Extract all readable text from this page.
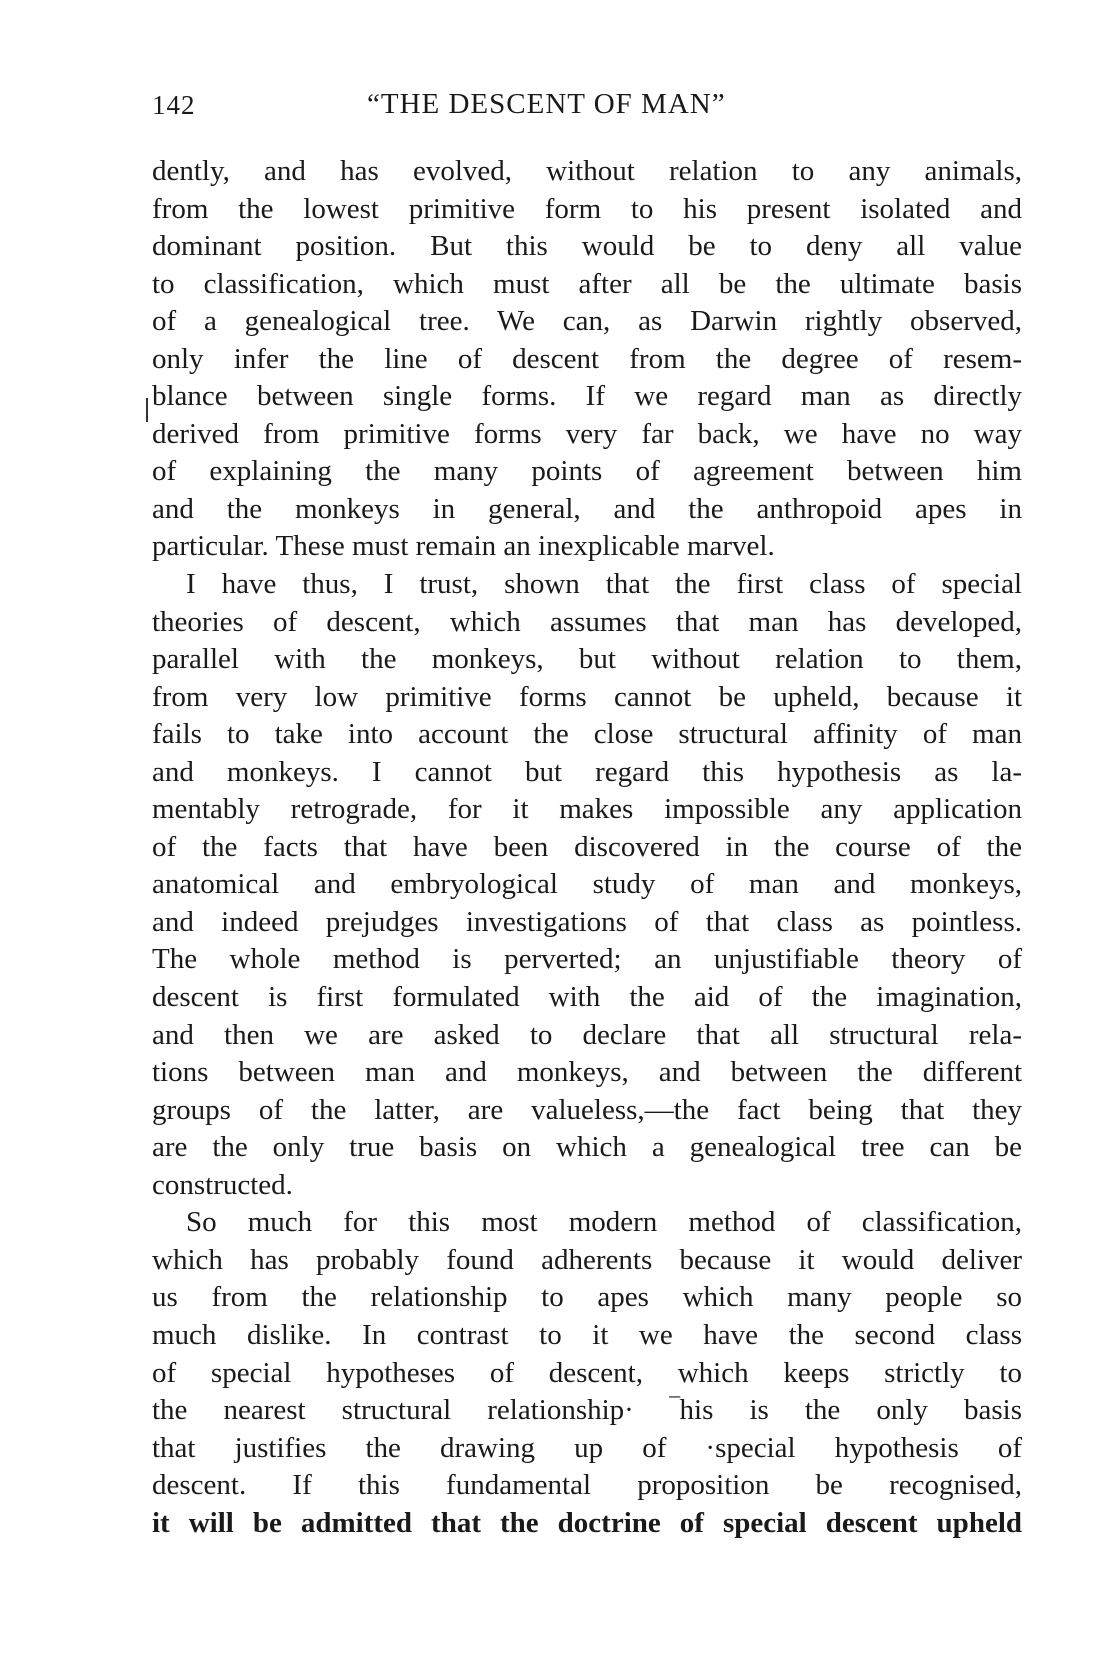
142	“THE DESCENT OF MAN”
dently, and has evolved, without relation to any animals,
from the lowest primitive form to his present isolated and
dominant position. But this would be to deny all value
to classification, which must after all be the ultimate basis
of a genealogical tree. We can, as Darwin rightly observed,
only infer the line of descent from the degree of resem-
blance between single forms. If we regard man as directly
derived from primitive forms very far back, we have no way
of explaining the many points of agreement between him
and the monkeys in general, and the anthropoid apes in
particular. These must remain an inexplicable marvel.
I have thus, I trust, shown that the first class of special
theories of descent, which assumes that man has developed,
parallel with the monkeys, but without relation to them,
from very low primitive forms cannot be upheld, because it
fails to take into account the close structural affinity of man
and monkeys. I cannot but regard this hypothesis as la-
mentably retrograde, for it makes impossible any application
of the facts that have been discovered in the course of the
anatomical and embryological study of man and monkeys,
and indeed prejudges investigations of that class as pointless.
The whole method is perverted; an unjustifiable theory of
descent is first formulated with the aid of the imagination,
and then we are asked to declare that all structural rela-
tions between man and monkeys, and between the different
groups of the latter, are valueless,—the fact being that they
are the only true basis on which a genealogical tree can be
constructed.
So much for this most modern method of classification,
which has probably found adherents because it would deliver
us from the relationship to apes which many people so
much dislike. In contrast to it we have the second class
of special hypotheses of descent, which keeps strictly to
the nearest structural relationship· ‾his is the only basis
that justifies the drawing up of ·special hypothesis of
descent. If this fundamental proposition be recognised,
it will be admitted that the doctrine of special descent upheld
